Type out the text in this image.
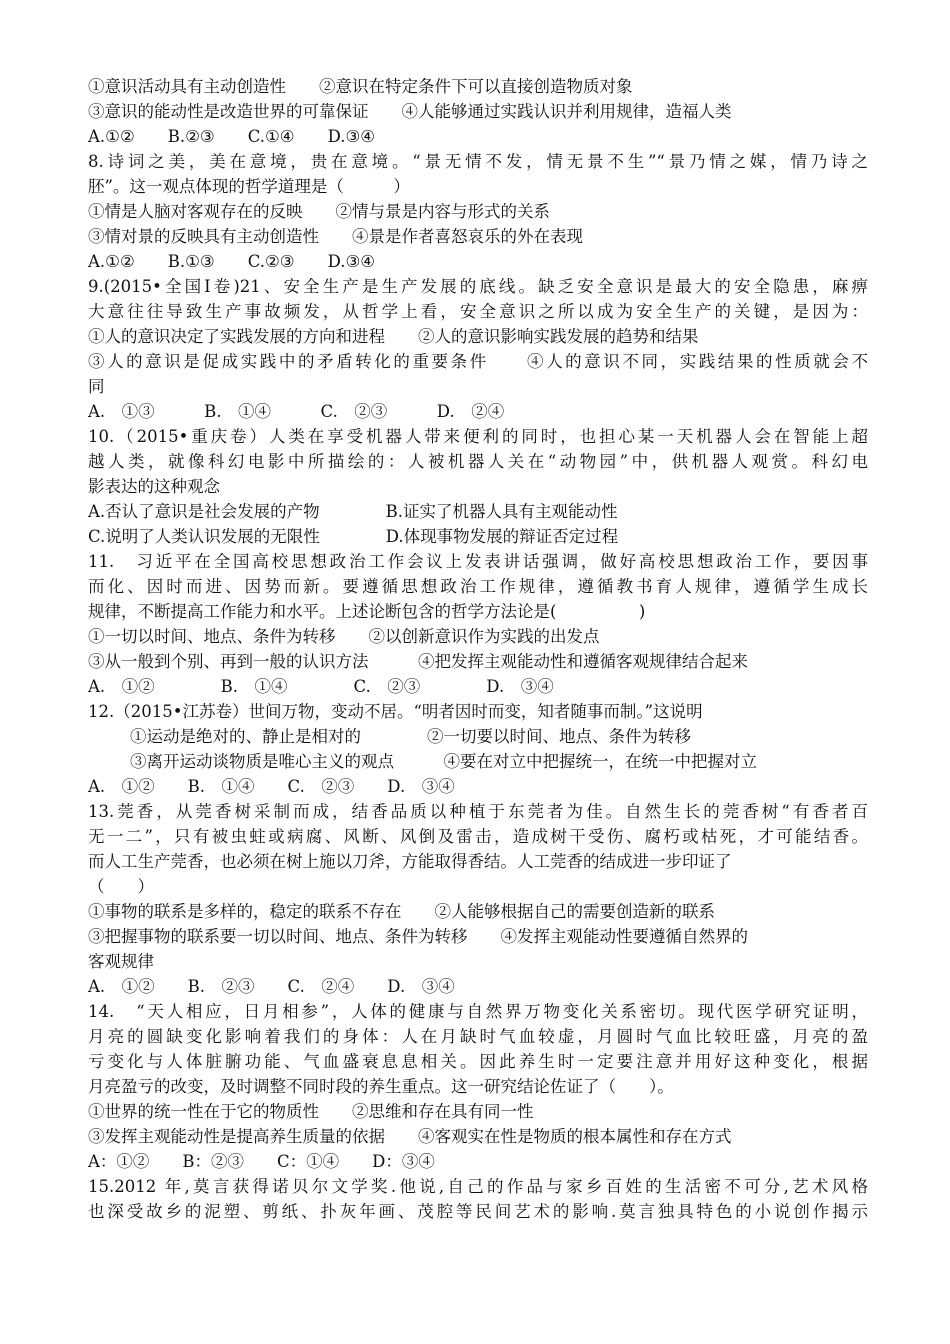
①意识活动具有主动创造性　　②意识在特定条件下可以直接创造物质对象
③意识的能动性是改造世界的可靠保证　　④人能够通过实践认识并利用规律，造福人类
A.①②　　B.②③　　C.①④　　D.③④
8.诗词之美，美在意境，贵在意境。“景无情不发，情无景不生”“景乃情之媒，情乃诗之
胚”。这一观点体现的哲学道理是（　　　）
①情是人脑对客观存在的反映　　②情与景是内容与形式的关系
③情对景的反映具有主动创造性　　④景是作者喜怒哀乐的外在表现
A.①②　　B.①③　　C.②③　　D.③④
9.(2015•全国Ⅰ卷)21、安全生产是生产发展的底线。缺乏安全意识是最大的安全隐患，麻痹
大意往往导致生产事故频发，从哲学上看，安全意识之所以成为安全生产的关键，是因为：
①人的意识决定了实践发展的方向和进程　　②人的意识影响实践发展的趋势和结果
③人的意识是促成实践中的矛盾转化的重要条件　　④人的意识不同，实践结果的性质就会不
同
A.　①③　　　B.　①④　　　C.　②③　　　D.　②④
10.（2015•重庆卷）人类在享受机器人带来便利的同时，也担心某一天机器人会在智能上超
越人类，就像科幻电影中所描绘的：人被机器人关在“动物园”中，供机器人观赏。科幻电
影表达的这种观念
A.否认了意识是社会发展的产物　　　　B.证实了机器人具有主观能动性
C.说明了人类认识发展的无限性　　　　D.体现事物发展的辩证否定过程
11.　习近平在全国高校思想政治工作会议上发表讲话强调，做好高校思想政治工作，要因事
而化、因时而进、因势而新。要遵循思想政治工作规律，遵循教书育人规律，遵循学生成长
规律，不断提高工作能力和水平。上述论断包含的哲学方法论是(　　　　　)
①一切以时间、地点、条件为转移　　②以创新意识作为实践的出发点
③从一般到个别、再到一般的认识方法　　　④把发挥主观能动性和遵循客观规律结合起来
A.　①②　　　　B.　①④　　　　C.　②③　　　　D.　③④
12.（2015•江苏卷）世间万物，变动不居。“明者因时而变，知者随事而制。”这说明
①运动是绝对的、静止是相对的　　　　②一切要以时间、地点、条件为转移
③离开运动谈物质是唯心主义的观点　　　④要在对立中把握统一，在统一中把握对立
A.　①②　　B.　①④　　C.　②③　　D.　③④
13.莞香，从莞香树采制而成，结香品质以种植于东莞者为佳。自然生长的莞香树“有香者百
无一二”，只有被虫蛀或病腐、风断、风倒及雷击，造成树干受伤、腐朽或枯死，才可能结香。
而人工生产莞香，也必须在树上施以刀斧，方能取得香结。人工莞香的结成进一步印证了
（　　）
①事物的联系是多样的，稳定的联系不存在　　②人能够根据自己的需要创造新的联系
③把握事物的联系要一切以时间、地点、条件为转移　　④发挥主观能动性要遵循自然界的
客观规律
A.　①②　　B.　②③　　C.　②④　　D.　③④
14.　“天人相应，日月相参”，人体的健康与自然界万物变化关系密切。现代医学研究证明，
月亮的圆缺变化影响着我们的身体：人在月缺时气血较虚，月圆时气血比较旺盛，月亮的盈
亏变化与人体脏腑功能、气血盛衰息息相关。因此养生时一定要注意并用好这种变化，根据
月亮盈亏的改变，及时调整不同时段的养生重点。这一研究结论佐证了（　　）。
①世界的统一性在于它的物质性　　②思维和存在具有同一性
③发挥主观能动性是提高养生质量的依据　　④客观实在性是物质的根本属性和存在方式
A：①②　　B：②③　　C：①④　　D：③④
15.2012 年,莫言获得诺贝尔文学奖.他说,自己的作品与家乡百姓的生活密不可分,艺术风格
也深受故乡的泥塑、剪纸、扑灰年画、茂腔等民间艺术的影响.莫言独具特色的小说创作揭示
